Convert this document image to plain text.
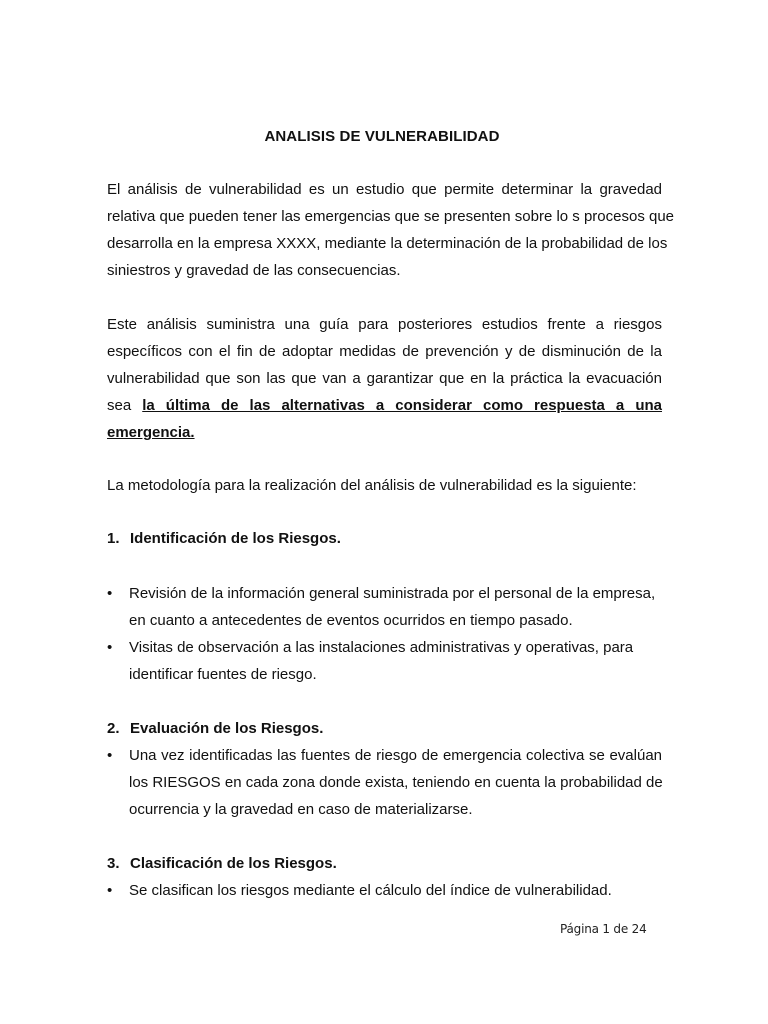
ANALISIS DE VULNERABILIDAD
El análisis de vulnerabilidad es un estudio que permite determinar la gravedad
relativa que pueden tener las emergencias que se presenten sobre lo s procesos que
desarrolla en la empresa XXXX, mediante la determinación de la probabilidad de los
siniestros y gravedad de las consecuencias.
Este análisis suministra una guía para posteriores estudios frente a riesgos
específicos con el fin de adoptar medidas de prevención y de disminución de la
vulnerabilidad que son las que van a garantizar que en la práctica la evacuación
sea la última de las alternativas a considerar como respuesta a una
emergencia.
La metodología para la realización del análisis de vulnerabilidad es la siguiente:
1. Identificación de los Riesgos.
•	Revisión de la información general suministrada por el personal de la empresa,
en cuanto a antecedentes de eventos ocurridos en tiempo pasado.
•	Visitas de observación a las instalaciones administrativas y operativas, para
identificar fuentes de riesgo.
2. Evaluación de los Riesgos.
•	Una vez identificadas las fuentes de riesgo de emergencia colectiva se evalúan
los RIESGOS en cada zona donde exista, teniendo en cuenta la probabilidad de
ocurrencia y la gravedad en caso de materializarse.
3. Clasificación de los Riesgos.
•	Se clasifican los riesgos mediante el cálculo del índice de vulnerabilidad.
Página 1 de 24
